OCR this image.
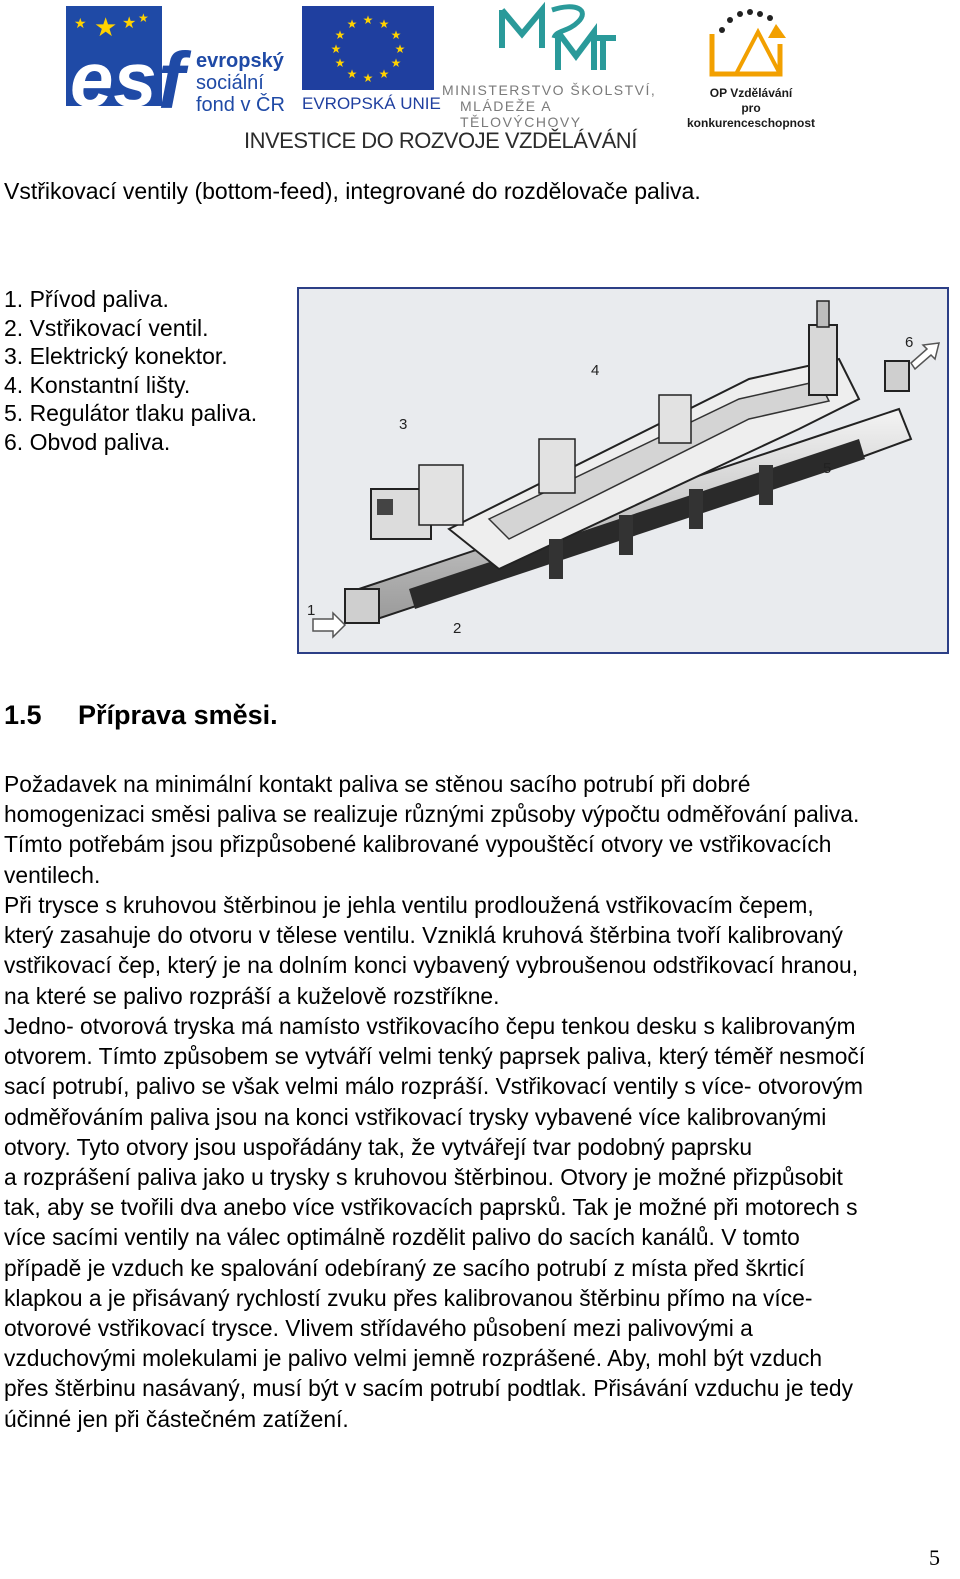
★ ★
★	★
es f evropský
sociální
fond v ČR
★ ★
★
★
★
★
★
★
★
★
★
★
EVROPSKÁ UNIE
MINISTERSTVO ŠKOLSTVÍ,
MLÁDEŽE A TĚLOVÝCHOVY
OP Vzdělávání
pro konkurenceschopnost
INVESTICE DO ROZVOJE VZDĚLÁVÁNÍ
Vstřikovací ventily (bottom-feed), integrované do rozdělovače paliva.
1. Přívod paliva.
2. Vstřikovací ventil.
3. Elektrický konektor.
4. Konstantní lišty.
5. Regulátor tlaku paliva.
6. Obvod paliva.
1
2
3
4
5
6
1.5 Příprava směsi.

Požadavek na minimální kontakt paliva se stěnou sacího potrubí při dobré

homogenizaci směsi paliva se realizuje různými způsoby výpočtu odměřování paliva.

Tímto potřebám jsou přizpůsobené kalibrované vypouštěcí otvory ve vstřikovacích

ventilech.

Při trysce s kruhovou štěrbinou je jehla ventilu prodloužená vstřikovacím čepem,

který zasahuje do otvoru v tělese ventilu. Vzniklá kruhová štěrbina tvoří kalibrovaný

vstřikovací čep, který je na dolním konci vybavený vybroušenou odstřikovací hranou,

na které se palivo rozpráší a kuželově rozstříkne.

Jedno- otvorová tryska má namísto vstřikovacího čepu tenkou desku s kalibrovaným

otvorem. Tímto způsobem se vytváří velmi tenký paprsek paliva, který téměř nesmočí

sací potrubí, palivo se však velmi málo rozpráší. Vstřikovací ventily s více- otvorovým

odměřováním paliva jsou na konci vstřikovací trysky vybavené více kalibrovanými

otvory. Tyto otvory jsou uspořádány tak, že vytvářejí tvar podobný paprsku

a rozprášení paliva jako u trysky s kruhovou štěrbinou. Otvory je možné přizpůsobit

tak, aby se tvořili dva anebo více vstřikovacích paprsků. Tak je možné při motorech s

více sacími ventily na válec optimálně rozdělit palivo do sacích kanálů. V tomto

případě je vzduch ke spalování odebíraný ze sacího potrubí z místa před škrticí

klapkou a je přisávaný rychlostí zvuku přes kalibrovanou štěrbinu přímo na více-

otvorové vstřikovací trysce. Vlivem střídavého působení mezi palivovými a

vzduchovými molekulami je palivo velmi jemně rozprášené. Aby, mohl být vzduch

přes štěrbinu nasávaný, musí být v sacím potrubí podtlak. Přisávání vzduchu je tedy

účinné jen při částečném zatížení.

5
